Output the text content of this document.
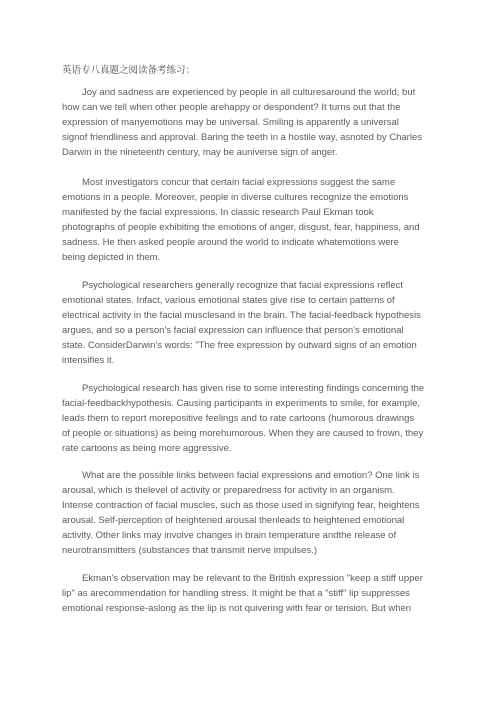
英语专八真题之阅读备考练习：

Joy and sadness are experienced by people in all culturesaround the world, but
how can we tell when other people arehappy or despondent? It turns out that the
expression of manyemotions may be universal. Smiling is apparently a universal
signof friendliness and approval. Baring the teeth in a hostile way, asnoted by Charles
Darwin in the nineteenth century, may be auniverse sign of anger.

Most investigators concur that certain facial expressions suggest the same
emotions in a people. Moreover, people in diverse cultures recognize the emotions
manifested by the facial expressions. In classic research Paul Ekman took
photographs of people exhibiting the emotions of anger, disgust, fear, happiness, and
sadness. He then asked people around the world to indicate whatemotions were
being depicted in them.

Psychological researchers generally recognize that facial expressions reflect
emotional states. Infact, various emotional states give rise to certain patterns of
electrical activity in the facial musclesand in the brain. The facial-feedback hypothesis
argues, and so a person's facial expression can influence that person's emotional
state. ConsiderDarwin's words: "The free expression by outward signs of an emotion
intensifies it.

Psychological research has given rise to some interesting findings concerning the
facial-feedbackhypothesis. Causing participants in experiments to smile, for example,
leads them to report morepositive feelings and to rate cartoons (humorous drawings
of people or situations) as being morehumorous. When they are caused to frown, they
rate cartoons as being more aggressive.

What are the possible links between facial expressions and emotion? One link is
arousal, which is thelevel of activity or preparedness for activity in an organism.
Intense contraction of facial muscles, such as those used in signifying fear, heightens
arousal. Self-perception of heightened arousal thenleads to heightened emotional
activity. Other links may involve changes in brain temperature andthe release of
neurotransmitters (substances that transmit nerve impulses.)

Ekman's observation may be relevant to the British expression "keep a stiff upper
lip" as arecommendation for handling stress. It might be that a "stiff" lip suppresses
emotional response-aslong as the lip is not quivering with fear or tension. But when
